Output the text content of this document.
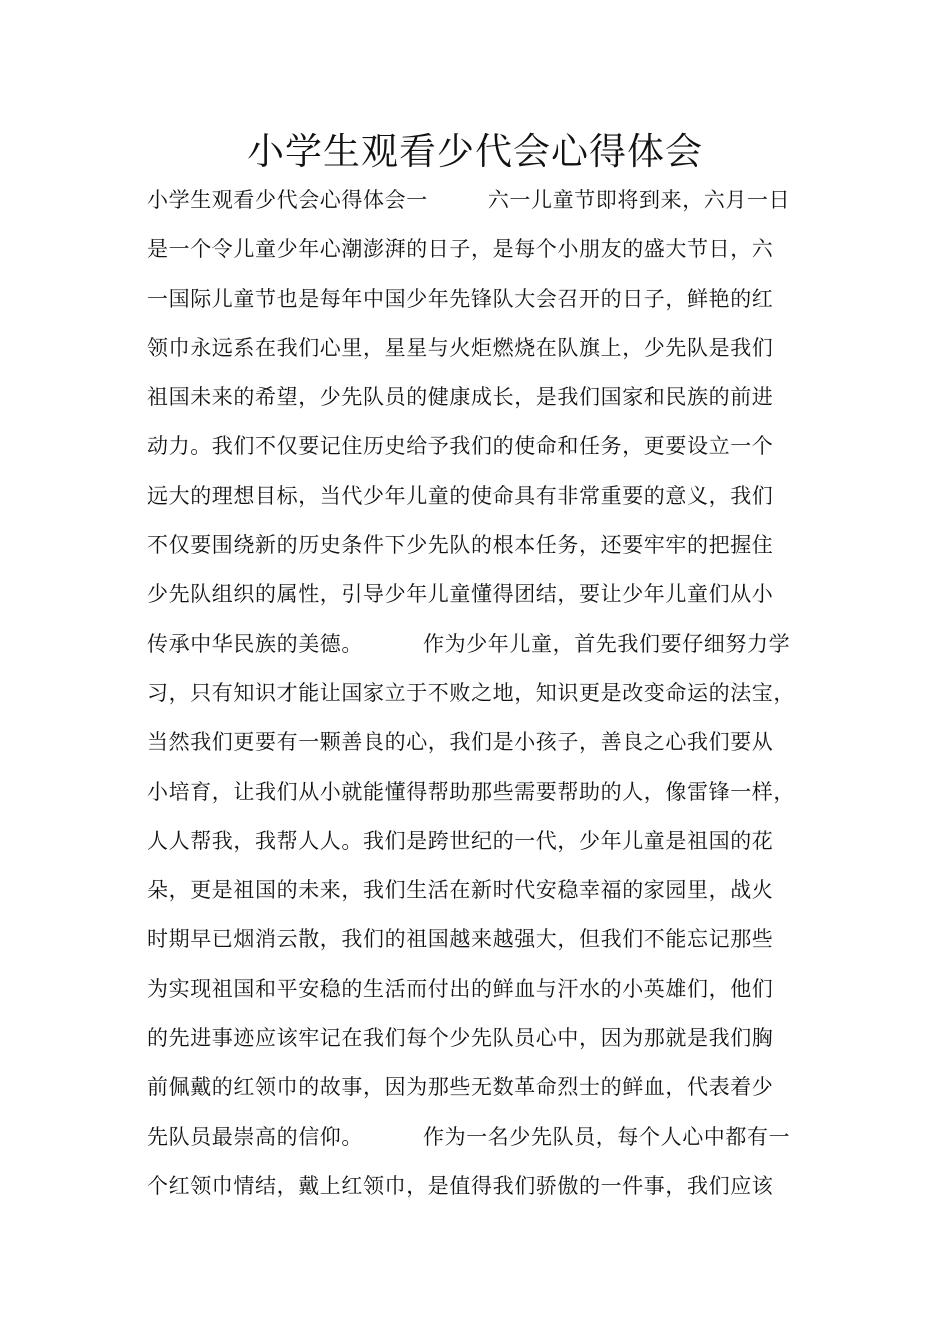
小学生观看少代会心得体会
小学生观看少代会心得体会一	六一儿童节即将到来，六月一日
是一个令儿童少年心潮澎湃的日子，是每个小朋友的盛大节日，六
一国际儿童节也是每年中国少年先锋队大会召开的日子，鲜艳的红
领巾永远系在我们心里，星星与火炬燃烧在队旗上，少先队是我们
祖国未来的希望，少先队员的健康成长，是我们国家和民族的前进
动力。我们不仅要记住历史给予我们的使命和任务，更要设立一个
远大的理想目标，当代少年儿童的使命具有非常重要的意义，我们
不仅要围绕新的历史条件下少先队的根本任务，还要牢牢的把握住
少先队组织的属性，引导少年儿童懂得团结，要让少年儿童们从小
传承中华民族的美德。	作为少年儿童，首先我们要仔细努力学
习，只有知识才能让国家立于不败之地，知识更是改变命运的法宝，
当然我们更要有一颗善良的心，我们是小孩子，善良之心我们要从
小培育，让我们从小就能懂得帮助那些需要帮助的人，像雷锋一样，
人人帮我，我帮人人。我们是跨世纪的一代，少年儿童是祖国的花
朵，更是祖国的未来，我们生活在新时代安稳幸福的家园里，战火
时期早已烟消云散，我们的祖国越来越强大，但我们不能忘记那些
为实现祖国和平安稳的生活而付出的鲜血与汗水的小英雄们，他们
的先进事迹应该牢记在我们每个少先队员心中，因为那就是我们胸
前佩戴的红领巾的故事，因为那些无数革命烈士的鲜血，代表着少
先队员最崇高的信仰。	作为一名少先队员，每个人心中都有一
个红领巾情结，戴上红领巾，是值得我们骄傲的一件事，我们应该
